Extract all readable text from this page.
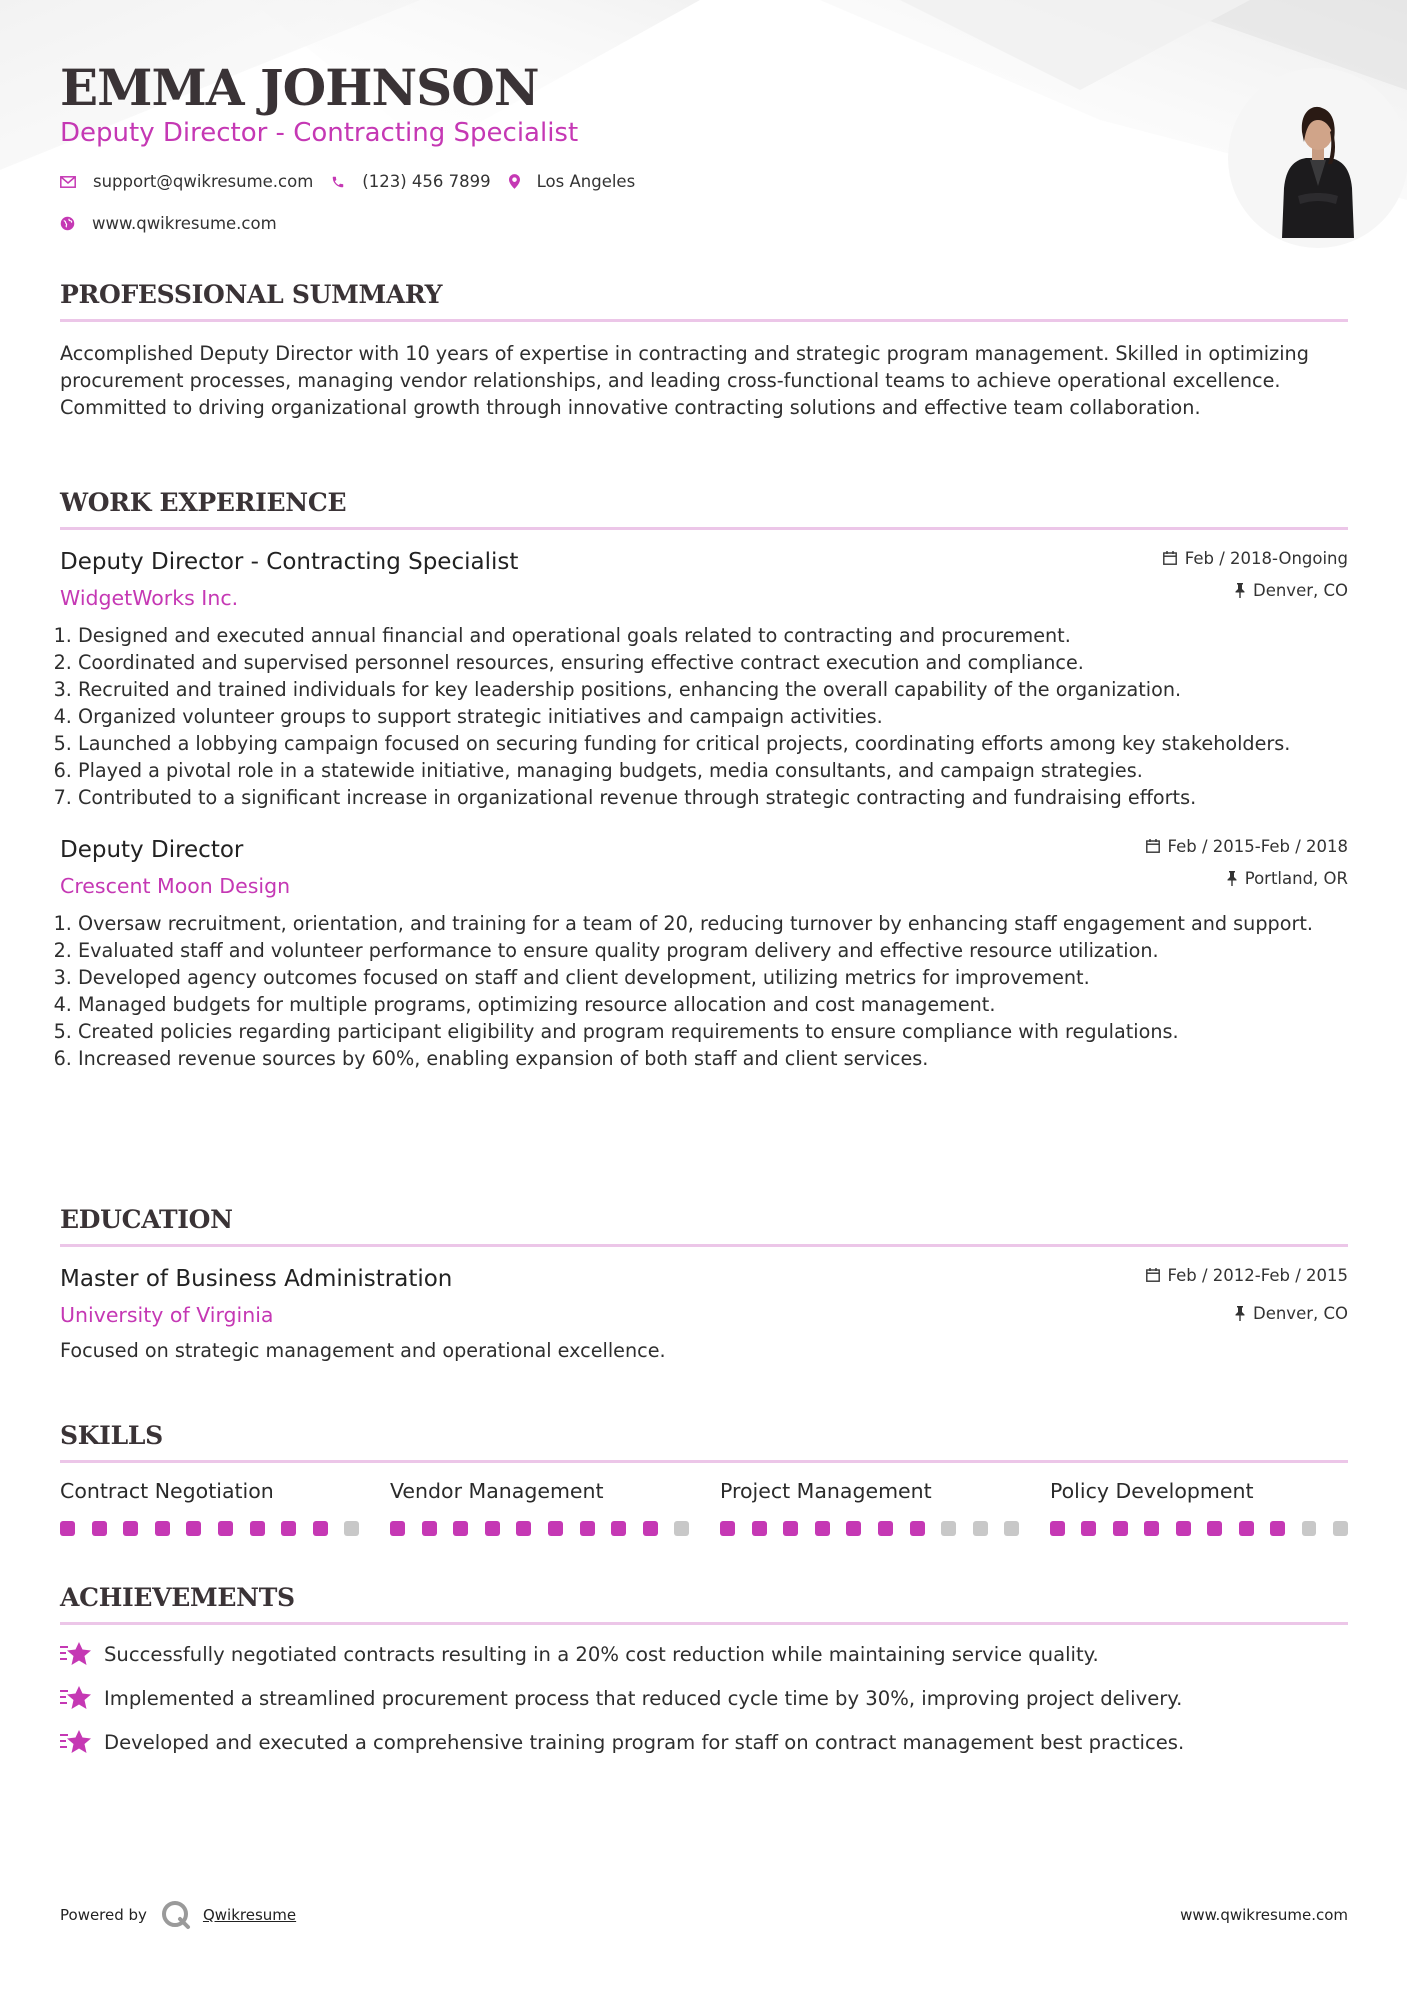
EMMA JOHNSON
Deputy Director - Contracting Specialist
support@qwikresume.com	(123) 456 7899	Los Angeles
www.qwikresume.com
PROFESSIONAL SUMMARY

Accomplished Deputy Director with 10 years of expertise in contracting and strategic program management. Skilled in optimizing procurement processes, managing vendor relationships, and leading cross-functional teams to achieve operational excellence. Committed to driving organizational growth through innovative contracting solutions and effective team collaboration.

WORK EXPERIENCE
Deputy Director - Contracting Specialist
WidgetWorks Inc.
Feb / 2018-Ongoing
Denver, CO
1. Designed and executed annual financial and operational goals related to contracting and procurement.
2. Coordinated and supervised personnel resources, ensuring effective contract execution and compliance.
3. Recruited and trained individuals for key leadership positions, enhancing the overall capability of the organization.
4. Organized volunteer groups to support strategic initiatives and campaign activities.
5. Launched a lobbying campaign focused on securing funding for critical projects, coordinating efforts among key stakeholders.
6. Played a pivotal role in a statewide initiative, managing budgets, media consultants, and campaign strategies.
7. Contributed to a significant increase in organizational revenue through strategic contracting and fundraising efforts.
Deputy Director
Crescent Moon Design
Feb / 2015-Feb / 2018
Portland, OR
1. Oversaw recruitment, orientation, and training for a team of 20, reducing turnover by enhancing staff engagement and support.
2. Evaluated staff and volunteer performance to ensure quality program delivery and effective resource utilization.
3. Developed agency outcomes focused on staff and client development, utilizing metrics for improvement.
4. Managed budgets for multiple programs, optimizing resource allocation and cost management.
5. Created policies regarding participant eligibility and program requirements to ensure compliance with regulations.
6. Increased revenue sources by 60%, enabling expansion of both staff and client services.
EDUCATION
Master of Business Administration
University of Virginia
Feb / 2012-Feb / 2015
Denver, CO
Focused on strategic management and operational excellence.
SKILLS
Contract Negotiation	Vendor Management	Project Management	Policy Development
ACHIEVEMENTS
Successfully negotiated contracts resulting in a 20% cost reduction while maintaining service quality.
Implemented a streamlined procurement process that reduced cycle time by 30%, improving project delivery.
Developed and executed a comprehensive training program for staff on contract management best practices.
Powered by	Qwikresume	www.qwikresume.com
